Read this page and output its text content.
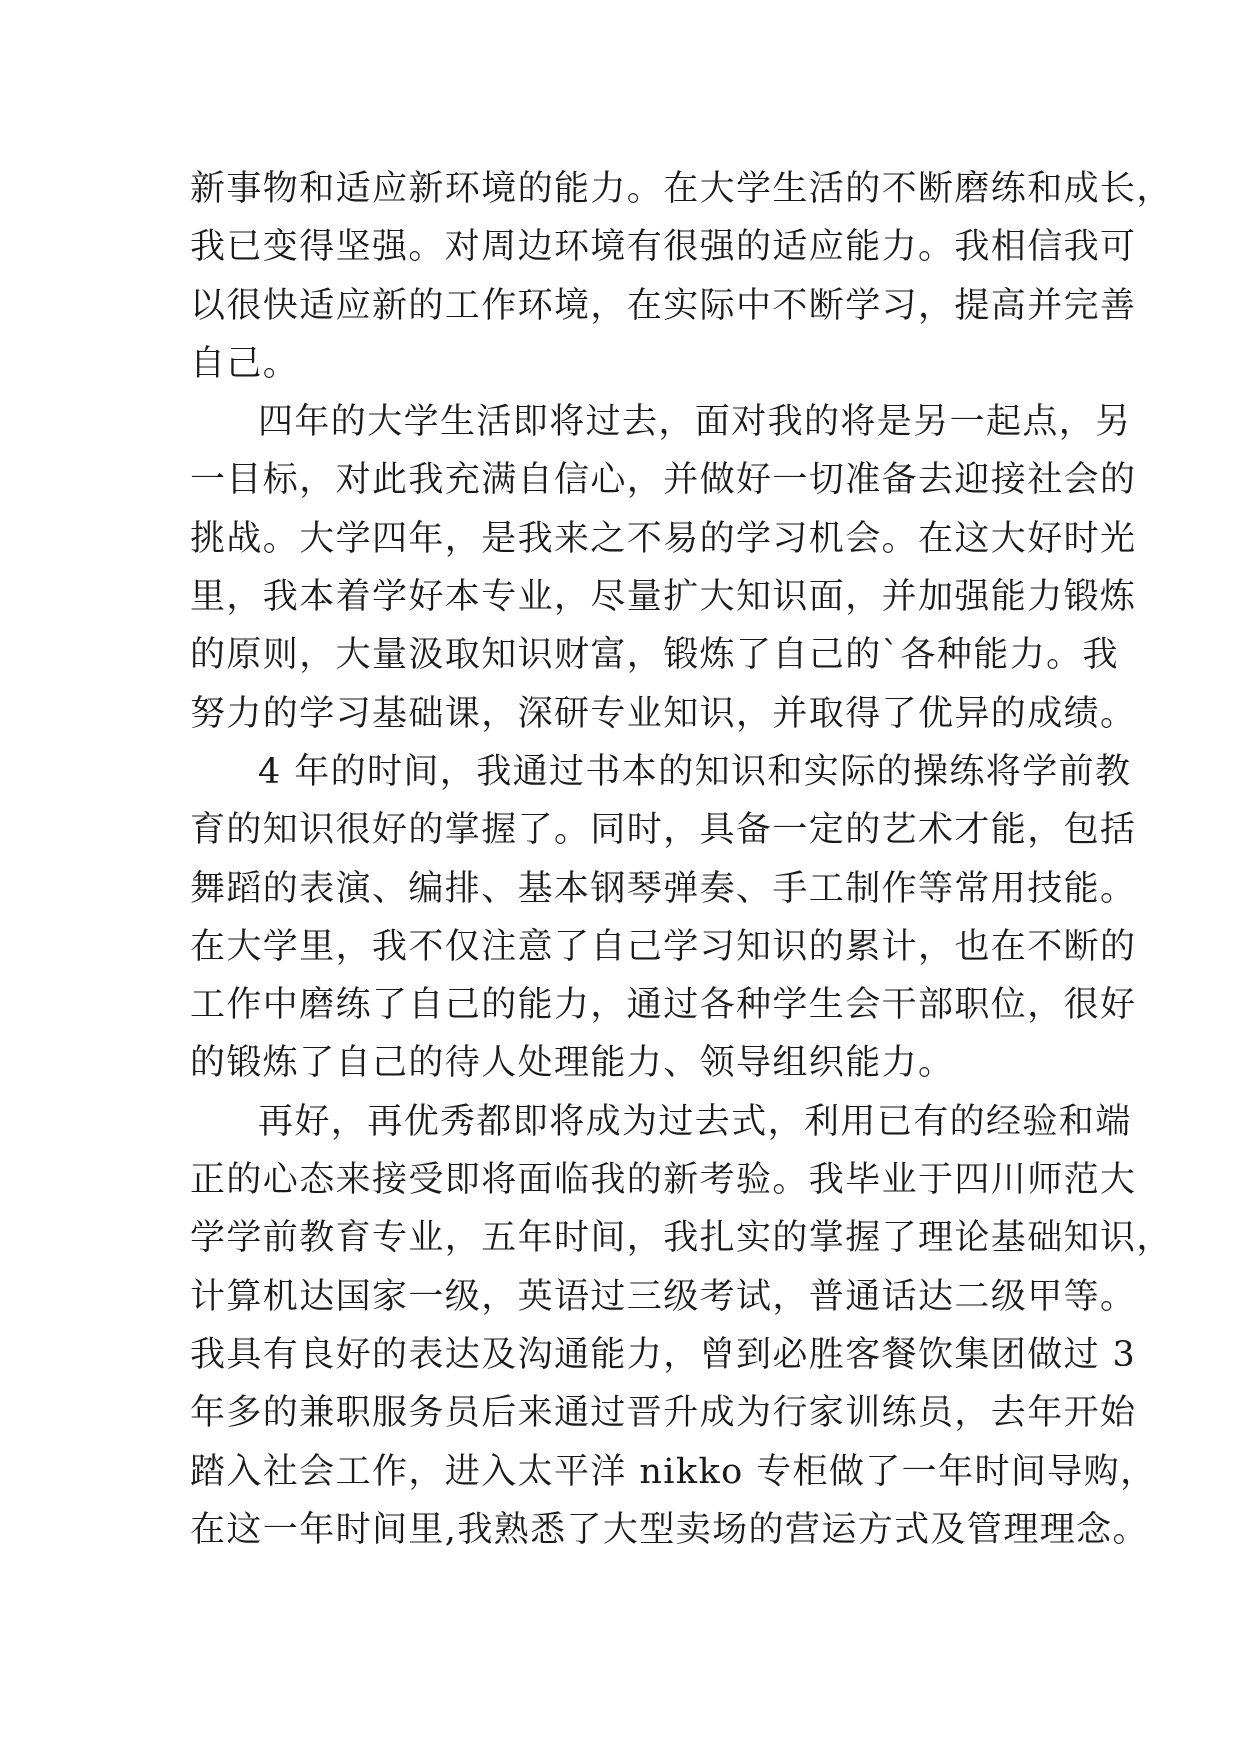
新事物和适应新环境的能力。在大学生活的不断磨练和成长，
我已变得坚强。对周边环境有很强的适应能力。我相信我可
以很快适应新的工作环境，在实际中不断学习，提高并完善
自己。
四年的大学生活即将过去，面对我的将是另一起点，另
一目标，对此我充满自信心，并做好一切准备去迎接社会的
挑战。大学四年，是我来之不易的学习机会。在这大好时光
里，我本着学好本专业，尽量扩大知识面，并加强能力锻炼
的原则，大量汲取知识财富，锻炼了自己的`各种能力。我
努力的学习基础课，深研专业知识，并取得了优异的成绩。
4 年的时间，我通过书本的知识和实际的操练将学前教
育的知识很好的掌握了。同时，具备一定的艺术才能，包括
舞蹈的表演、编排、基本钢琴弹奏、手工制作等常用技能。
在大学里，我不仅注意了自己学习知识的累计，也在不断的
工作中磨练了自己的能力，通过各种学生会干部职位，很好
的锻炼了自己的待人处理能力、领导组织能力。
再好，再优秀都即将成为过去式，利用已有的经验和端
正的心态来接受即将面临我的新考验。我毕业于四川师范大
学学前教育专业，五年时间，我扎实的掌握了理论基础知识，
计算机达国家一级，英语过三级考试，普通话达二级甲等。
我具有良好的表达及沟通能力，曾到必胜客餐饮集团做过 3
年多的兼职服务员后来通过晋升成为行家训练员，去年开始
踏入社会工作，进入太平洋 nikko 专柜做了一年时间导购，
在这一年时间里,我熟悉了大型卖场的营运方式及管理理念。
